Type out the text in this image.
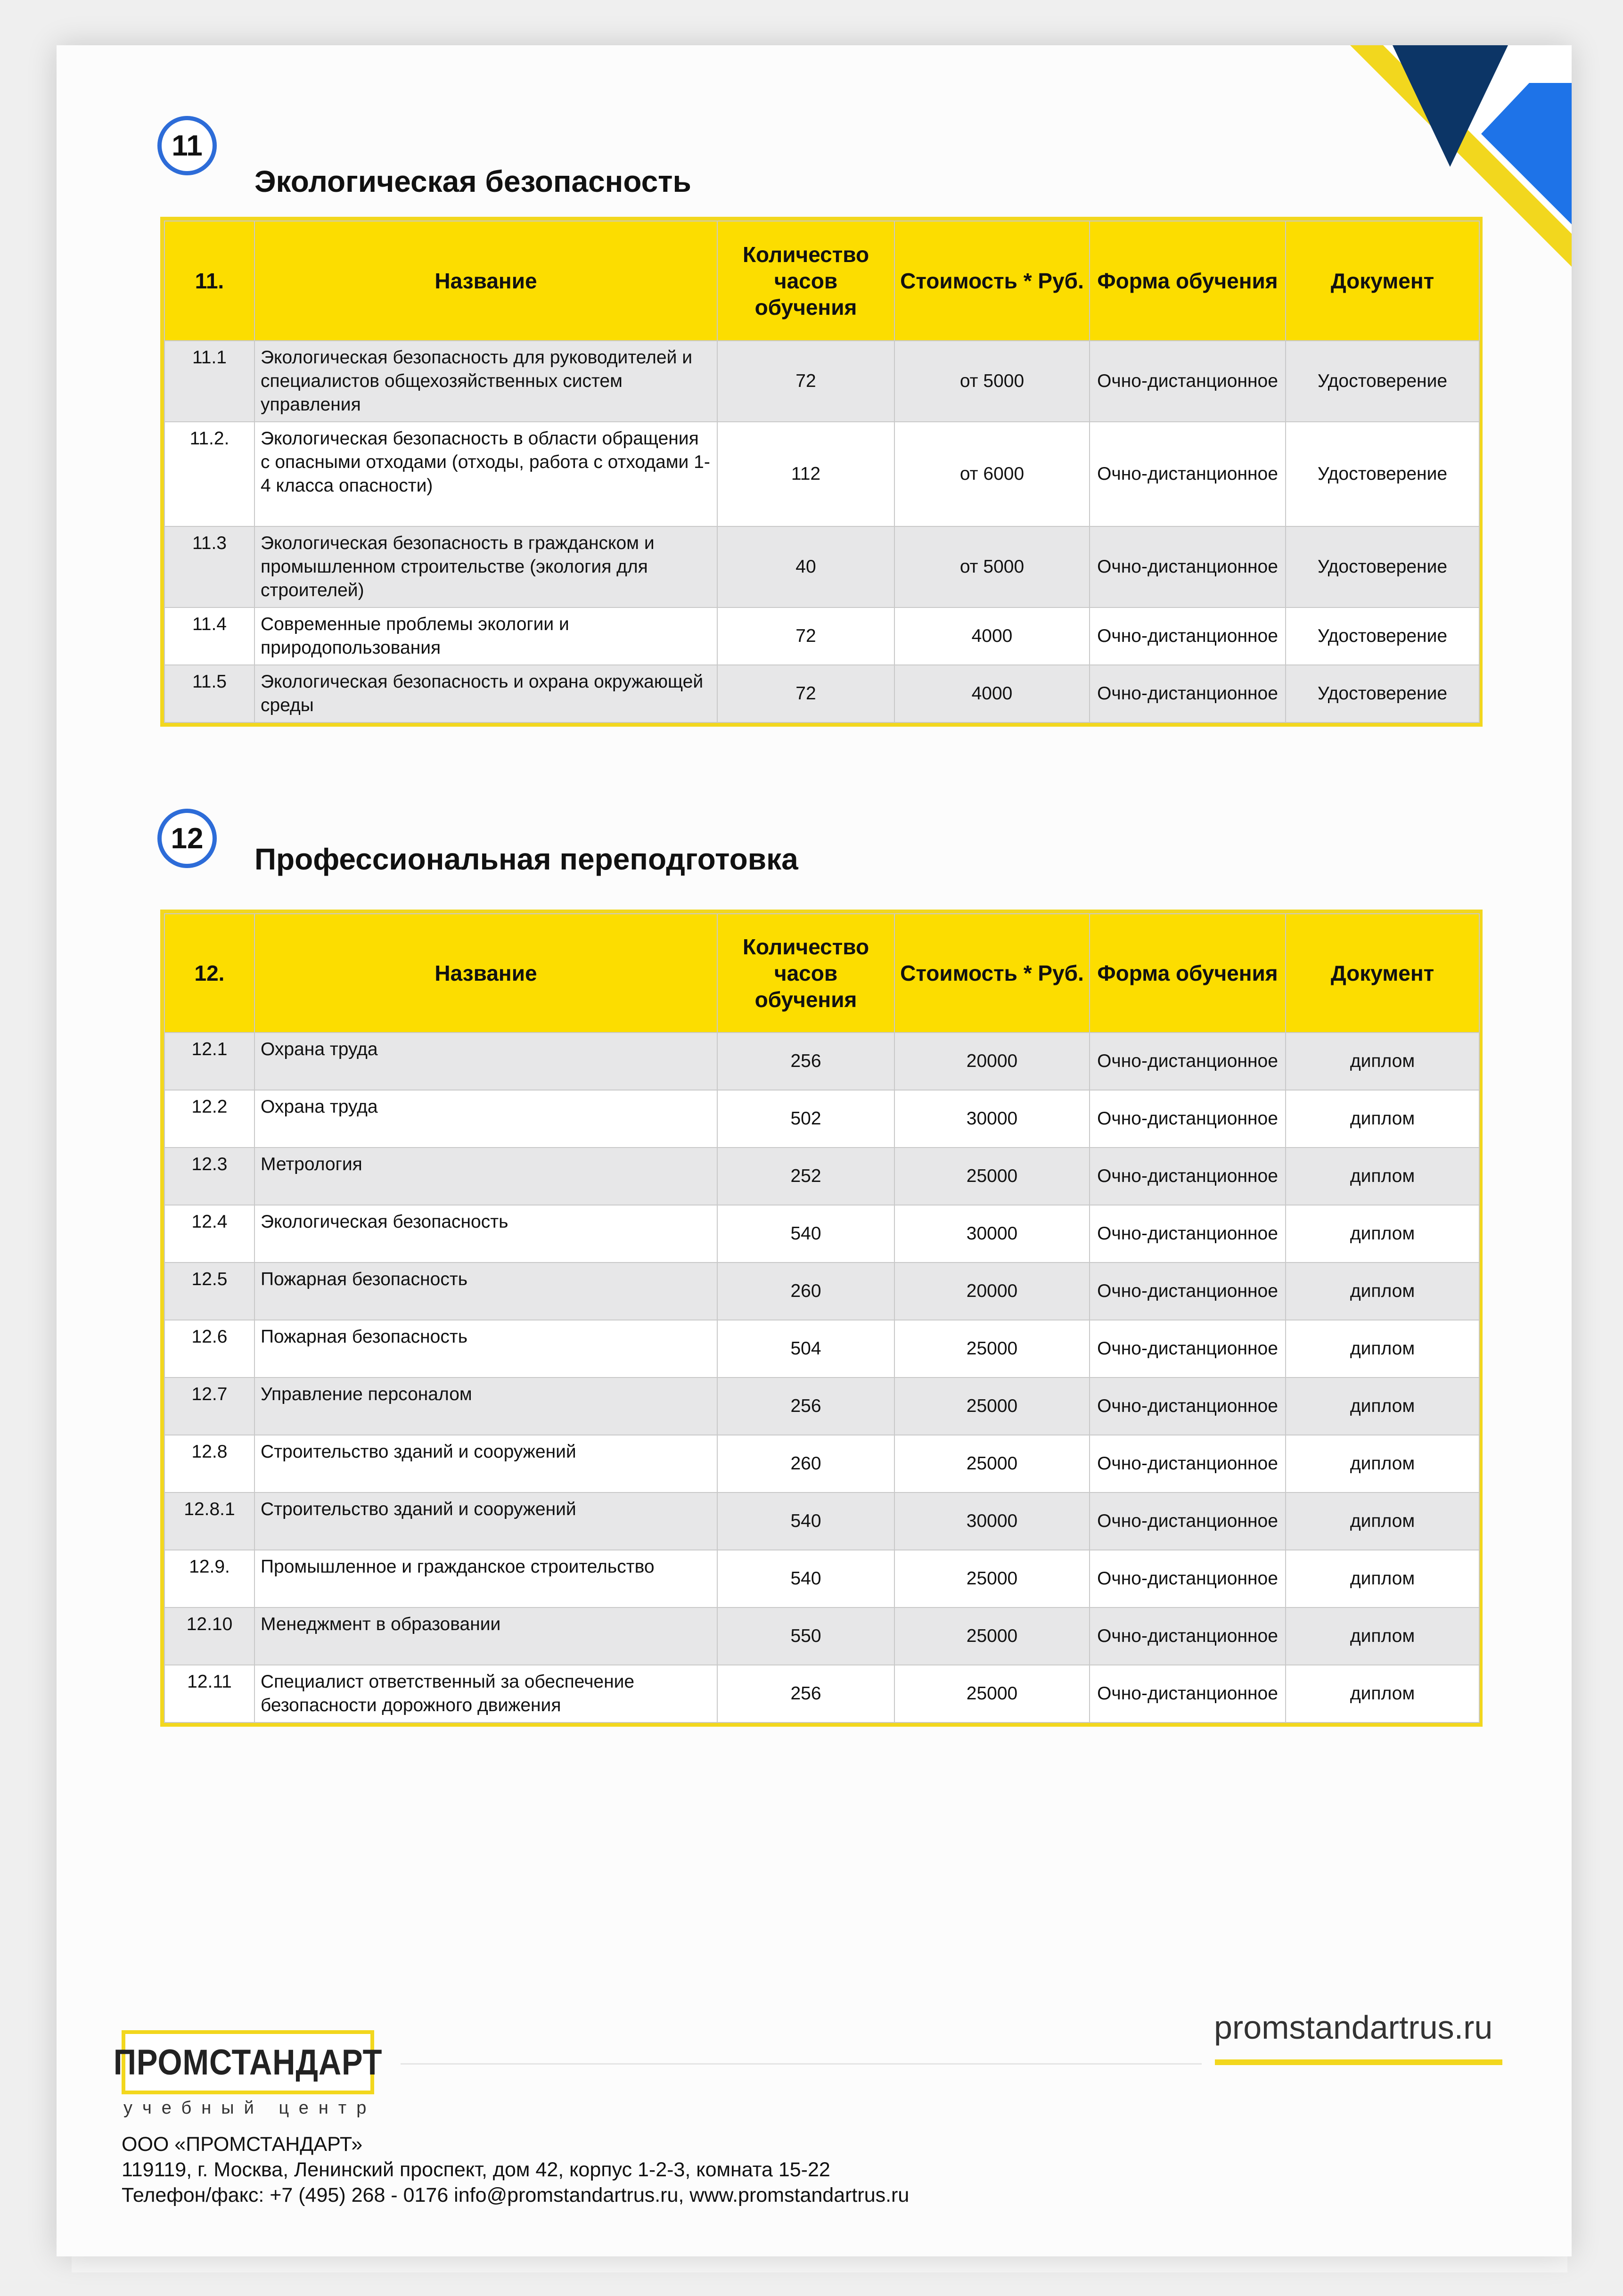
11
Экологическая безопасность
11.	Название	Количество часов обучения	Стоимость * Руб.	Форма обучения	Документ
11.1	Экологическая безопасность для руководителей и специалистов общехозяйственных систем управления	72	от 5000	Очно-дистанционное	Удостоверение
11.2.	Экологическая безопасность в области обращения с опасными отходами (отходы, работа с отходами 1-4 класса опасности)	112	от 6000	Очно-дистанционное	Удостоверение
11.3	Экологическая безопасность в гражданском и промышленном строительстве (экология для строителей)	40	от 5000	Очно-дистанционное	Удостоверение
11.4	Современные проблемы экологии и природопользования	72	4000	Очно-дистанционное	Удостоверение
11.5	Экологическая безопасность и охрана окружающей среды	72	4000	Очно-дистанционное	Удостоверение
12
Профессиональная переподготовка
12.	Название	Количество часов обучения	Стоимость * Руб.	Форма обучения	Документ
12.1	Охрана труда	256	20000	Очно-дистанционное	диплом
12.2	Охрана труда	502	30000	Очно-дистанционное	диплом
12.3	Метрология	252	25000	Очно-дистанционное	диплом
12.4	Экологическая безопасность	540	30000	Очно-дистанционное	диплом
12.5	Пожарная безопасность	260	20000	Очно-дистанционное	диплом
12.6	Пожарная безопасность	504	25000	Очно-дистанционное	диплом
12.7	Управление персоналом	256	25000	Очно-дистанционное	диплом
12.8	Строительство зданий и сооружений	260	25000	Очно-дистанционное	диплом
12.8.1	Строительство зданий и сооружений	540	30000	Очно-дистанционное	диплом
12.9.	Промышленное и гражданское строительство	540	25000	Очно-дистанционное	диплом
12.10	Менеджмент в образовании	550	25000	Очно-дистанционное	диплом
12.11	Специалист ответственный за обеспечение безопасности дорожного движения	256	25000	Очно-дистанционное	диплом
promstandartrus.ru
ПРОМСТАНДАРТ
учебный центр
ООО «ПРОМСТАНДАРТ»
119119, г. Москва, Ленинский проспект, дом 42, корпус 1-2-3, комната 15-22
Телефон/факс: +7 (495) 268 - 0176 info@promstandartrus.ru, www.promstandartrus.ru
